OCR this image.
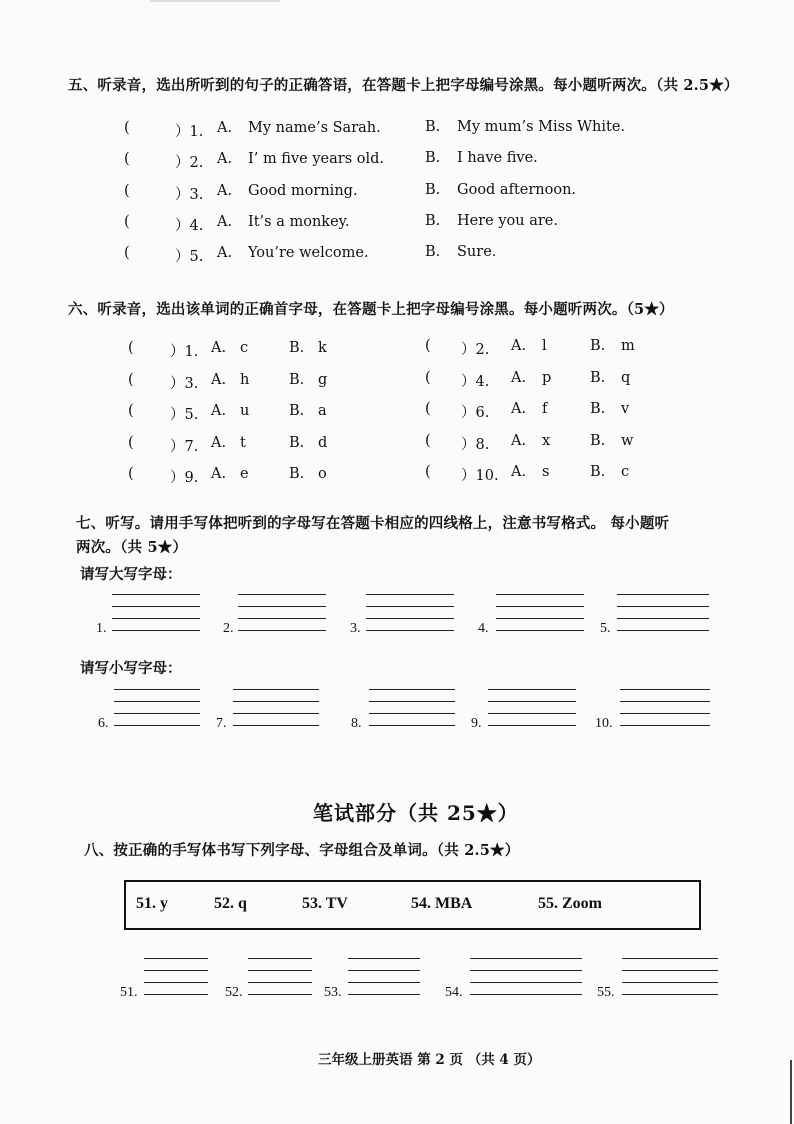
五、听录音，选出所听到的句子的正确答语，在答题卡上把字母编号涂黑。每小题听两次。（共 2.5★）
(	）1. A. My name’s Sarah.	B. My mum’s Miss White.
(	）2. A. I’ m five years old.	B. I have five.
(	）3. A. Good morning.	B. Good afternoon.
(	）4. A. It’s a monkey.	B. Here you are.
(	）5. A. You’re welcome.	B. Sure.
六、听录音，选出该单词的正确首字母，在答题卡上把字母编号涂黑。每小题听两次。（5★）
(	）1. A. c	B. k	( ）2. A. l	B. m
(	）3. A. h	B. g	( ）4. A. p	B. q
(	）5. A. u	B. a	( ）6. A. f	B. v
(	）7. A. t	B. d	( ）8. A. x	B. w
(	）9. A. e	B. o	( ）10. A. s	B. c
七、听写。请用手写体把听到的字母写在答题卡相应的四线格上，注意书写格式。 每小题听
两次。（共 5★）
请写大写字母：
请写小写字母：
1.	2.	3.	4.	5.
6.	7.	8.	9.	10.
笔试部分（共 25★）
八、按正确的手写体书写下列字母、字母组合及单词。（共 2.5★）
51. y	52. q	53. TV	54. MBA	55. Zoom
51.	52.	53.	54.	55.
三年级上册英语 第 2 页 （共 4 页）
